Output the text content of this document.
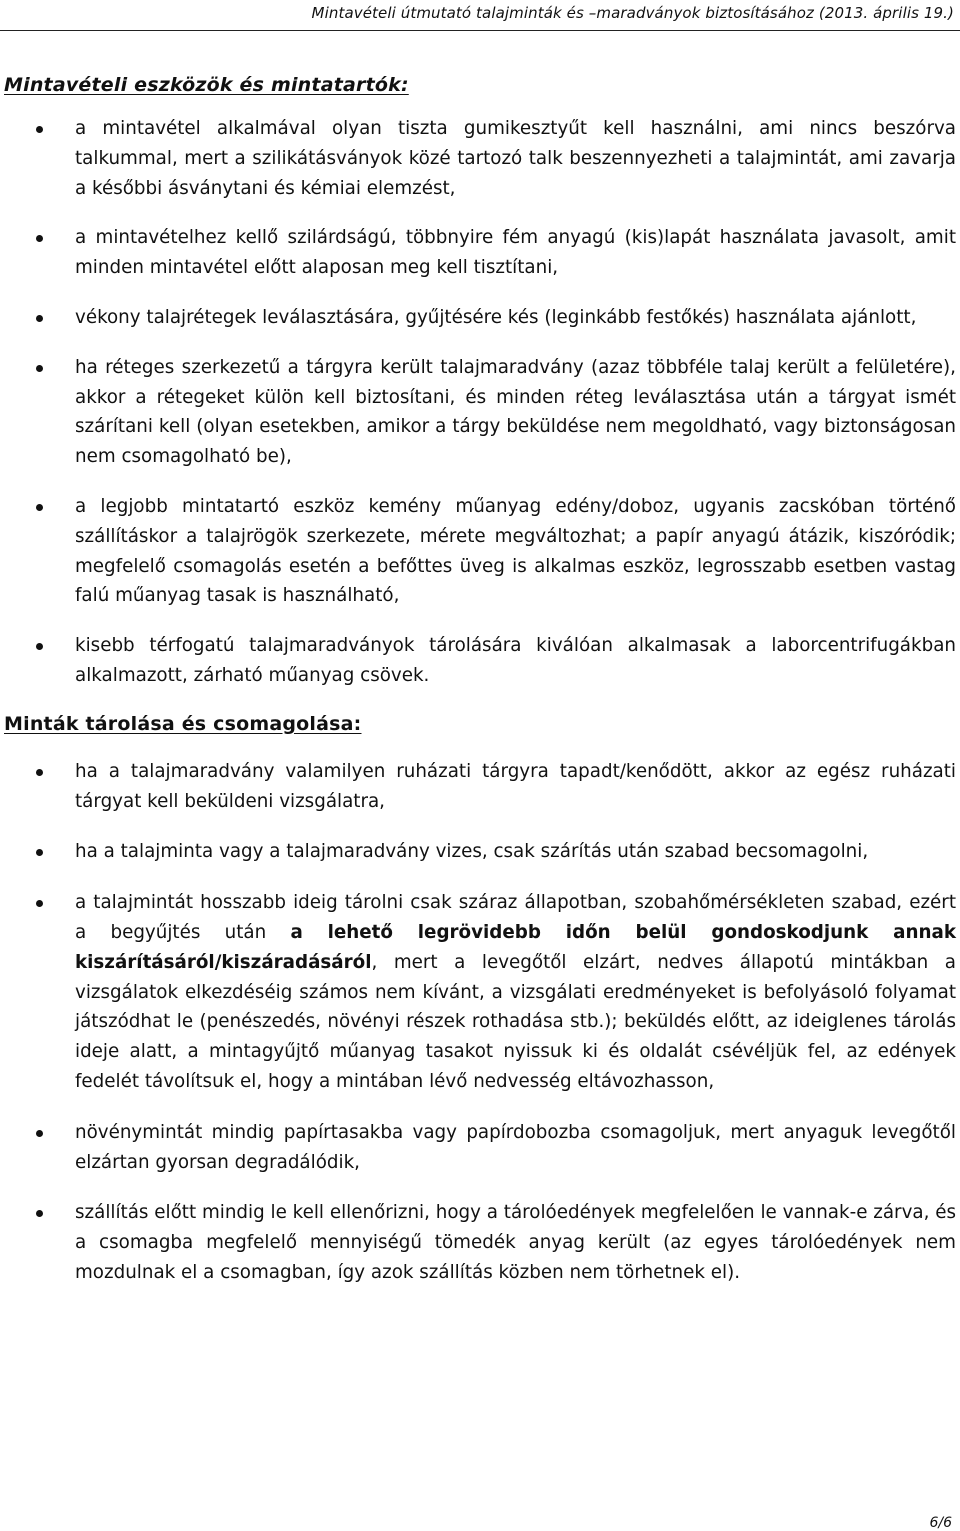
Mintavételi útmutató talajminták és –maradványok biztosításához (2013. április 19.)
Mintavételi eszközök és mintatartók:
a mintavétel alkalmával olyan tiszta gumikesztyűt kell használni, ami nincs beszórva talkummal, mert a szilikátásványok közé tartozó talk beszennyezheti a talajmintát, ami zavarja a későbbi ásványtani és kémiai elemzést,
a mintavételhez kellő szilárdságú, többnyire fém anyagú (kis)lapát használata javasolt, amit minden mintavétel előtt alaposan meg kell tisztítani,
vékony talajrétegek leválasztására, gyűjtésére kés (leginkább festőkés) használata ajánlott,
ha réteges szerkezetű a tárgyra került talajmaradvány (azaz többféle talaj került a felületére), akkor a rétegeket külön kell biztosítani, és minden réteg leválasztása után a tárgyat ismét szárítani kell (olyan esetekben, amikor a tárgy beküldése nem megoldható, vagy biztonságosan nem csomagolható be),
a legjobb mintatartó eszköz kemény műanyag edény/doboz, ugyanis zacskóban történő szállításkor a talajrögök szerkezete, mérete megváltozhat; a papír anyagú átázik, kiszóródik; megfelelő csomagolás esetén a befőttes üveg is alkalmas eszköz, legrosszabb esetben vastag falú műanyag tasak is használható,
kisebb térfogatú talajmaradványok tárolására kiválóan alkalmasak a laborcentrifugákban alkalmazott, zárható műanyag csövek.
Minták tárolása és csomagolása:
ha a talajmaradvány valamilyen ruházati tárgyra tapadt/kenődött, akkor az egész ruházati tárgyat kell beküldeni vizsgálatra,
ha a talajminta vagy a talajmaradvány vizes, csak szárítás után szabad becsomagolni,
a talajmintát hosszabb ideig tárolni csak száraz állapotban, szobahőmérsékleten szabad, ezért a begyűjtés után a lehető legrövidebb időn belül gondoskodjunk annak kiszárításáról/kiszáradásáról, mert a levegőtől elzárt, nedves állapotú mintákban a vizsgálatok elkezdéséig számos nem kívánt, a vizsgálati eredményeket is befolyásoló folyamat játszódhat le (penészedés, növényi részek rothadása stb.); beküldés előtt, az ideiglenes tárolás ideje alatt, a mintagyűjtő műanyag tasakot nyissuk ki és oldalát csévéljük fel, az edények fedelét távolítsuk el, hogy a mintában lévő nedvesség eltávozhasson,
növénymintát mindig papírtasakba vagy papírdobozba csomagoljuk, mert anyaguk levegőtől elzártan gyorsan degradálódik,
szállítás előtt mindig le kell ellenőrizni, hogy a tárolóedények megfelelően le vannak-e zárva, és a csomagba megfelelő mennyiségű tömedék anyag került (az egyes tárolóedények nem mozdulnak el a csomagban, így azok szállítás közben nem törhetnek el).
6/6
